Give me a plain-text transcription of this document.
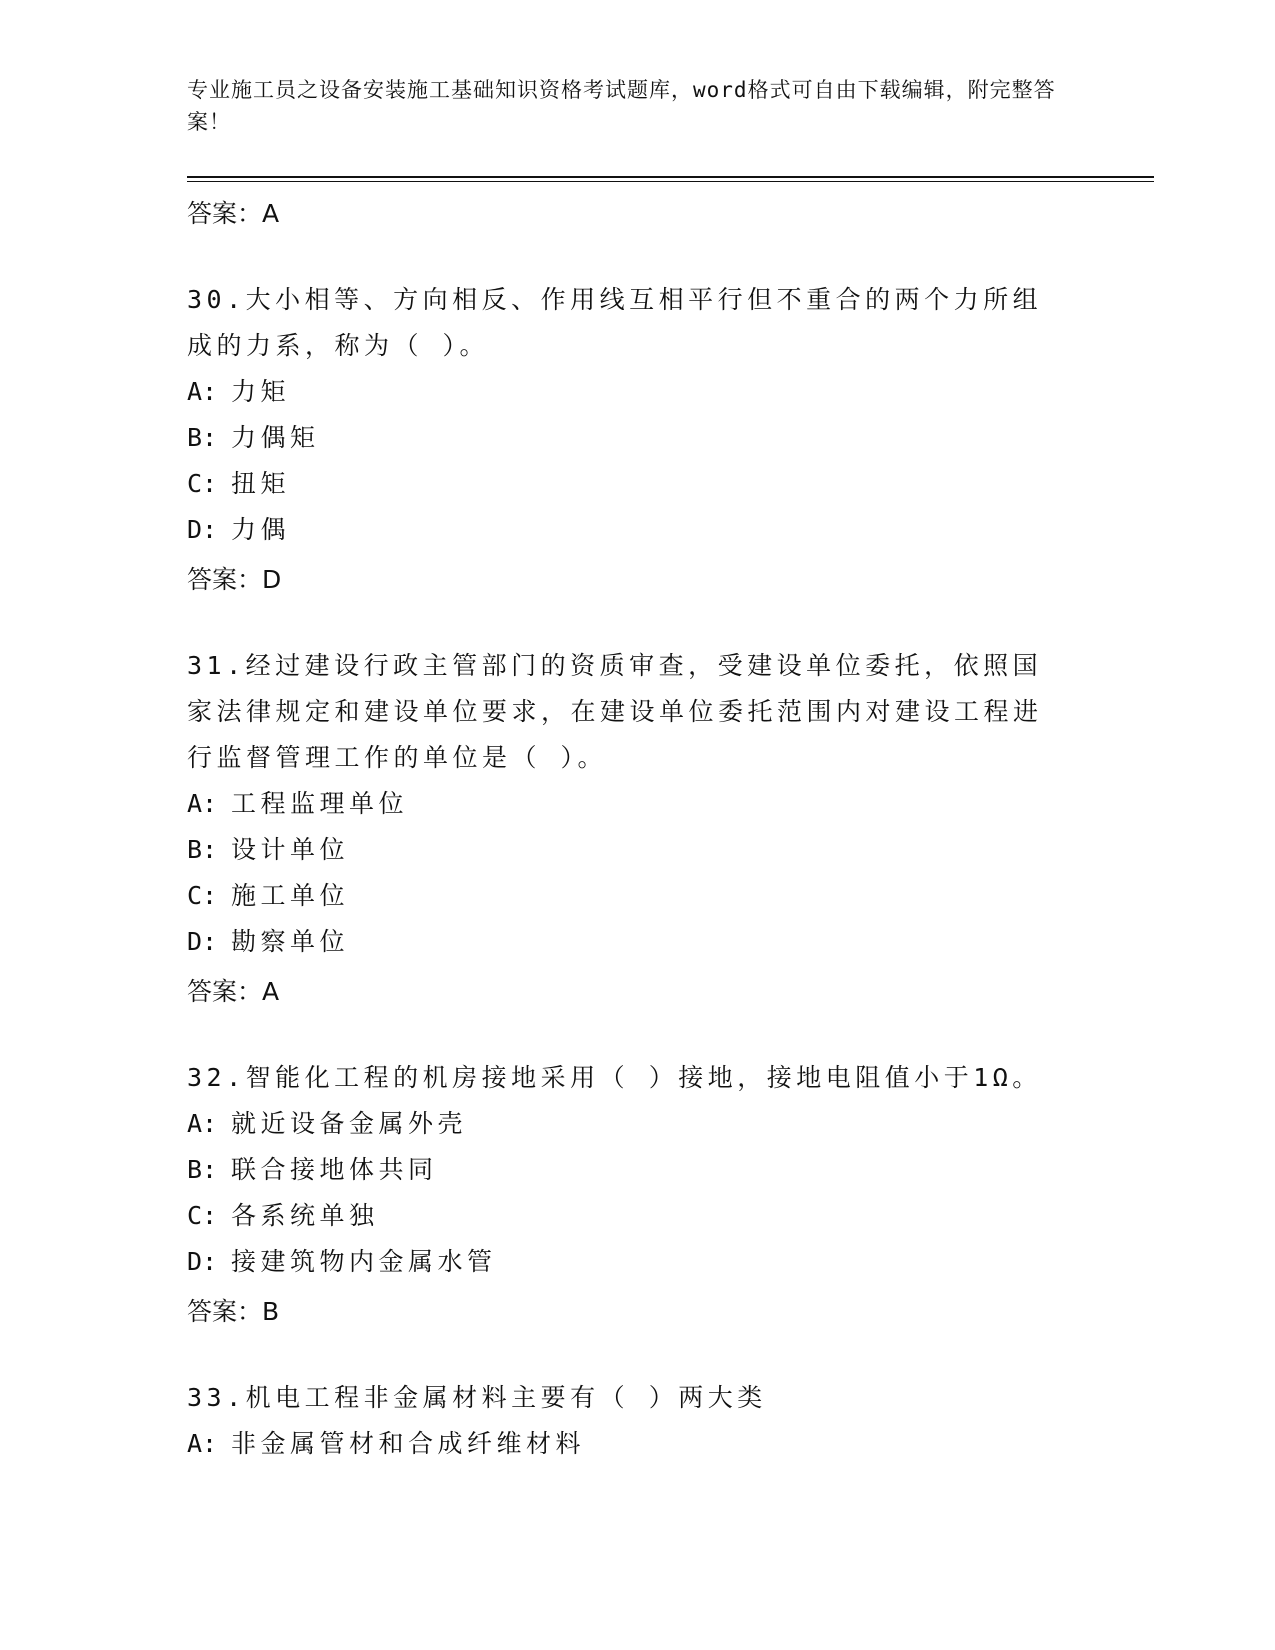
专业施工员之设备安装施工基础知识资格考试题库，word格式可自由下载编辑，附完整答案！
答案：A
30.大小相等、方向相反、作用线互相平行但不重合的两个力所组成的力系，称为（ ）。
A: 力矩
B: 力偶矩
C: 扭矩
D: 力偶
答案：D
31.经过建设行政主管部门的资质审查，受建设单位委托，依照国家法律规定和建设单位要求，在建设单位委托范围内对建设工程进行监督管理工作的单位是（ ）。
A: 工程监理单位
B: 设计单位
C: 施工单位
D: 勘察单位
答案：A
32.智能化工程的机房接地采用（ ）接地，接地电阻值小于1Ω。
A: 就近设备金属外壳
B: 联合接地体共同
C: 各系统单独
D: 接建筑物内金属水管
答案：B
33.机电工程非金属材料主要有（ ）两大类
A: 非金属管材和合成纤维材料
